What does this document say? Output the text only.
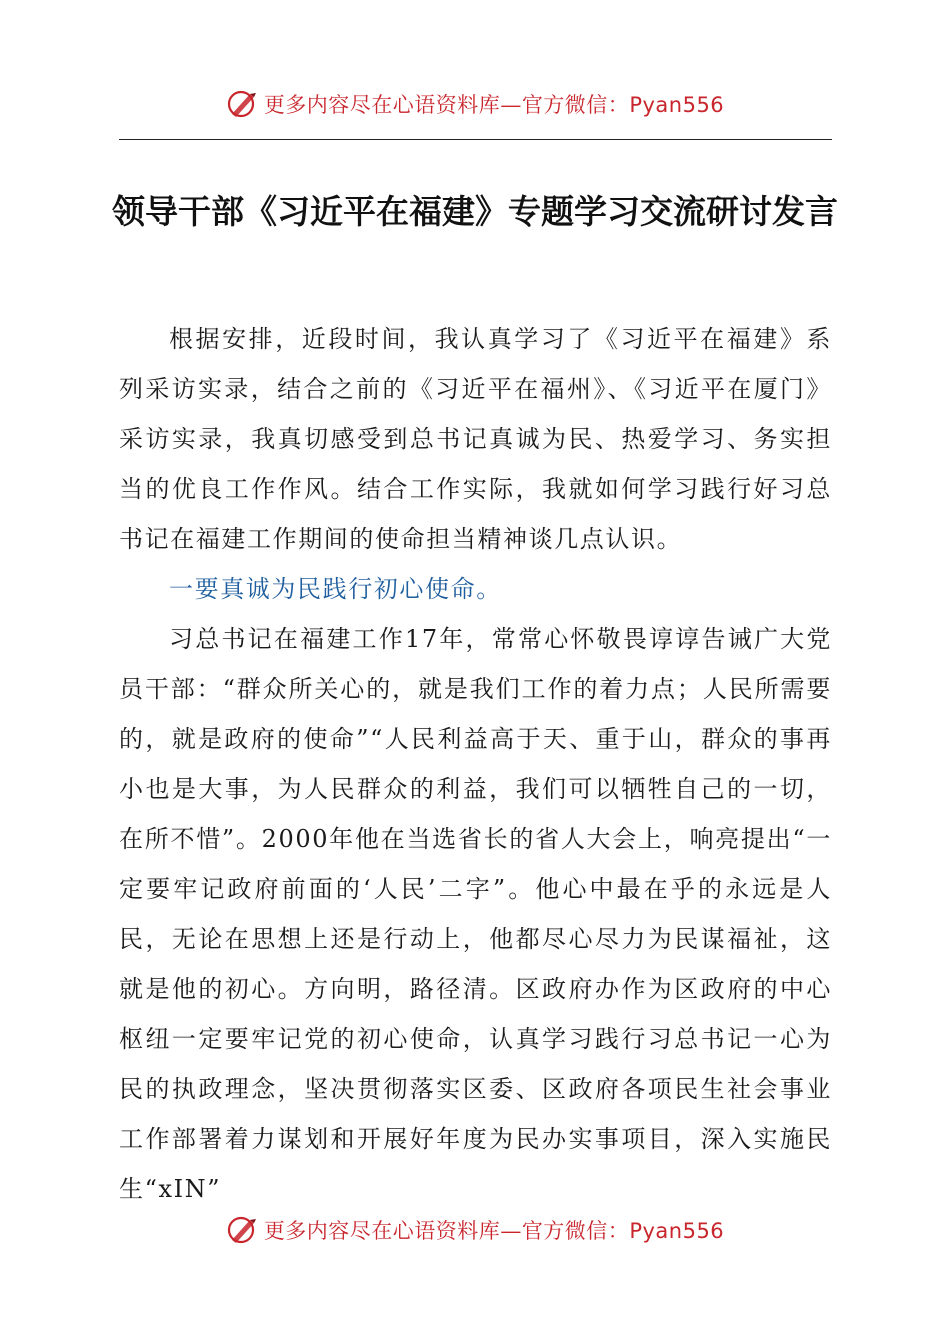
更多内容尽在心语资料库—官方微信：Pyan556
领导干部《习近平在福建》专题学习交流研讨发言

根据安排，近段时间，我认真学习了《习近平在福建》系列采访实录，结合之前的《习近平在福州》、《习近平在厦门》采访实录，我真切感受到总书记真诚为民、热爱学习、务实担当的优良工作作风。结合工作实际，我就如何学习践行好习总书记在福建工作期间的使命担当精神谈几点认识。

一要真诚为民践行初心使命。

习总书记在福建工作17年，常常心怀敬畏谆谆告诫广大党员干部：“群众所关心的，就是我们工作的着力点；人民所需要的，就是政府的使命”“人民利益高于天、重于山，群众的事再小也是大事，为人民群众的利益，我们可以牺牲自己的一切，在所不惜”。2000年他在当选省长的省人大会上，响亮提出“一定要牢记政府前面的‘人民’二字”。他心中最在乎的永远是人民，无论在思想上还是行动上，他都尽心尽力为民谋福祉，这就是他的初心。方向明，路径清。区政府办作为区政府的中心枢纽一定要牢记党的初心使命，认真学习践行习总书记一心为民的执政理念，坚决贯彻落实区委、区政府各项民生社会事业工作部署着力谋划和开展好年度为民办实事项目，深入实施民生“xIN”

更多内容尽在心语资料库—官方微信：Pyan556
